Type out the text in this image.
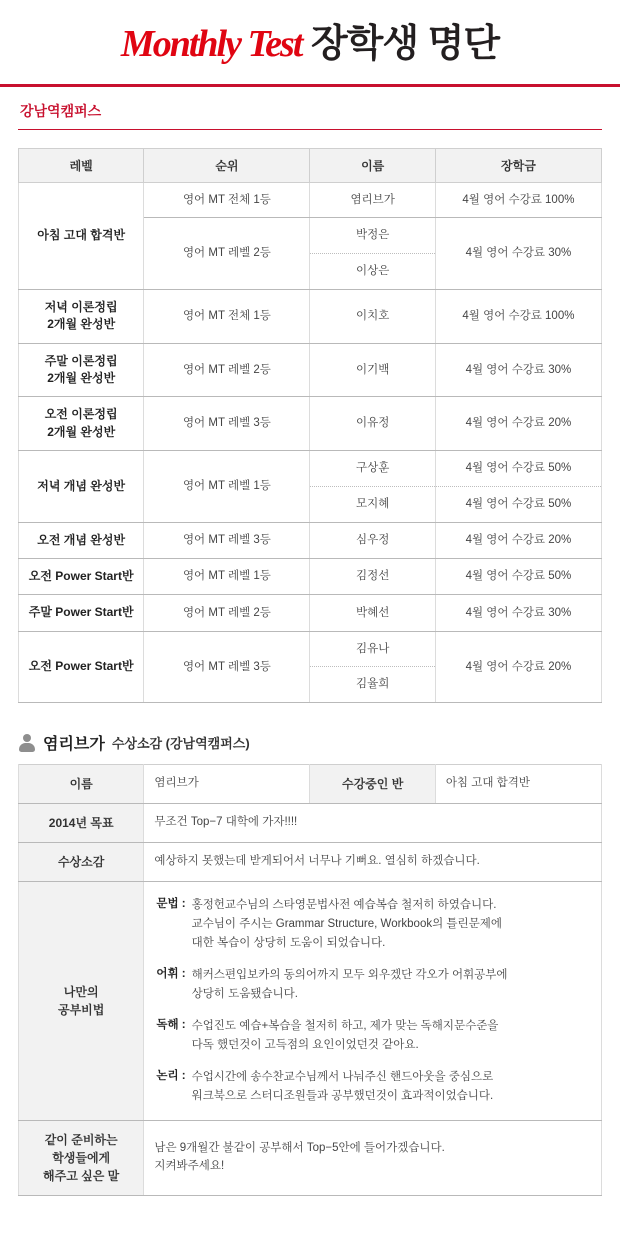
Monthly Test 장학생 명단
강남역캠퍼스
레벨	순위	이름	장학금
아침 고대 합격반	영어 MT 전체 1등	염리브가	4월 영어 수강료 100%
	영어 MT 레벨 2등	박정은	4월 영어 수강료 30%
		이상은	
저녁 이론정립
2개월 완성반	영어 MT 전체 1등	이치호	4월 영어 수강료 100%
주말 이론정립
2개월 완성반	영어 MT 레벨 2등	이기백	4월 영어 수강료 30%
오전 이론정립
2개월 완성반	영어 MT 레벨 3등	이유정	4월 영어 수강료 20%
저녁 개념 완성반	영어 MT 레벨 1등	구상훈	4월 영어 수강료 50%
		모지혜	4월 영어 수강료 50%
오전 개념 완성반	영어 MT 레벨 3등	심우정	4월 영어 수강료 20%
오전 Power Start반	영어 MT 레벨 1등	김정선	4월 영어 수강료 50%
주말 Power Start반	영어 MT 레벨 2등	박혜선	4월 영어 수강료 30%
오전 Power Start반	영어 MT 레벨 3등	김유나	4월 영어 수강료 20%
		김율희	
염리브가 수상소감 (강남역캠퍼스)
이름	염리브가	수강중인 반	아침 고대 합격반
2014년 목표	무조건 Top−7 대학에 가자!!!!		
수상소감	예상하지 못했는데 받게되어서 너무나 기뻐요. 열심히 하겠습니다.		
나만의
공부비법	
문법 : 홍정헌교수님의 스타영문법사전 예습복습 철저히 하였습니다.
교수님이 주시는 Grammar Structure, Workbook의 틀린문제에
대한 복습이 상당히 도움이 되었습니다.
어휘 : 해커스편입보카의 동의어까지 모두 외우겠단 각오가 어휘공부에
상당히 도움됐습니다.
독해 : 수업진도 예습+복습을 철저히 하고, 제가 맞는 독해지문수준을
다독 했던것이 고득점의 요인이었던것 같아요.
논리 : 수업시간에 송수찬교수님께서 나눠주신 핸드아웃을 중심으로
워크북으로 스터디조원들과 공부했던것이 효과적이었습니다.

같이 준비하는
학생들에게
해주고 싶은 말	남은 9개월간 불같이 공부해서 Top−5안에 들어가겠습니다.
지켜봐주세요!		
